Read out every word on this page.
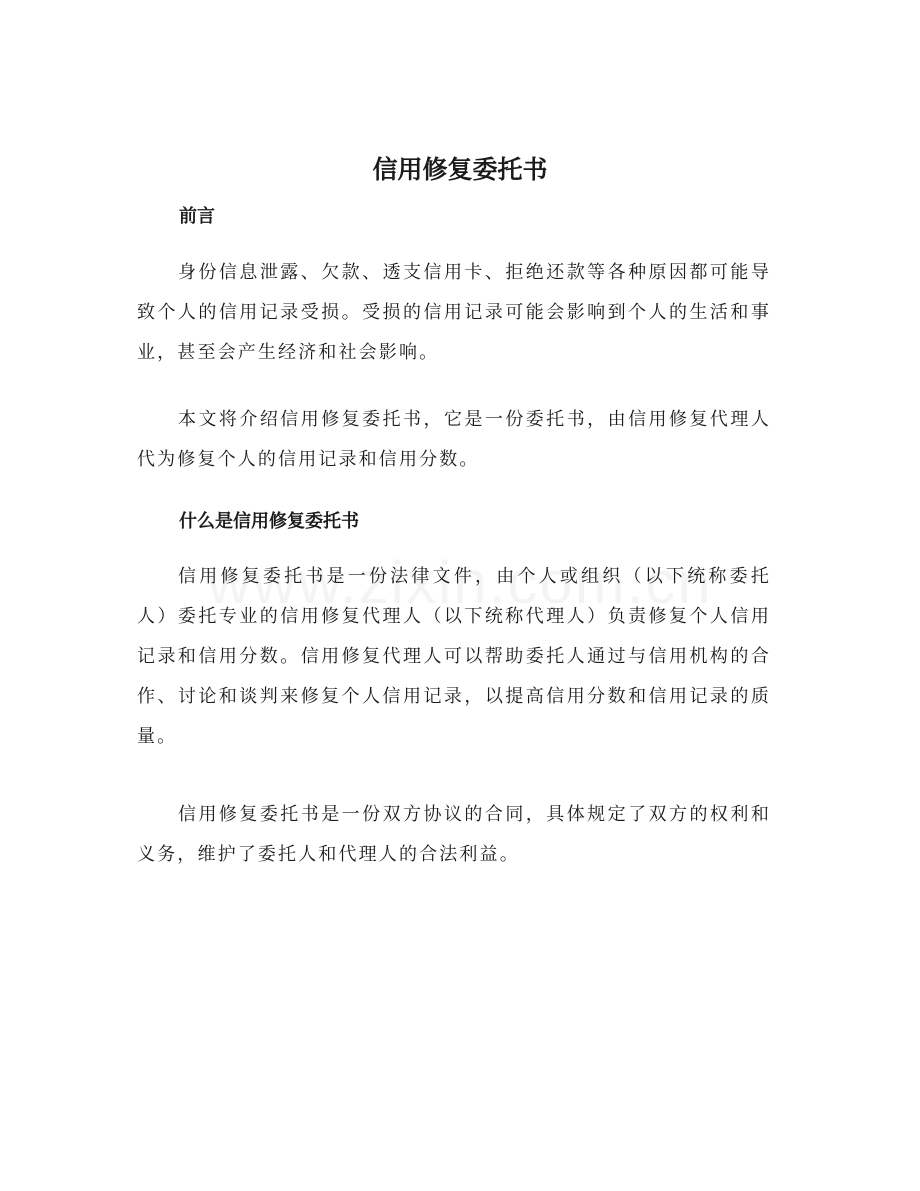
信用修复委托书
前言

身份信息泄露、欠款、透支信用卡、拒绝还款等各种原因都可能导致个人的信用记录受损。受损的信用记录可能会影响到个人的生活和事业，甚至会产生经济和社会影响。

本文将介绍信用修复委托书，它是一份委托书，由信用修复代理人代为修复个人的信用记录和信用分数。

什么是信用修复委托书

信用修复委托书是一份法律文件，由个人或组织（以下统称委托人）委托专业的信用修复代理人（以下统称代理人）负责修复个人信用记录和信用分数。信用修复代理人可以帮助委托人通过与信用机构的合作、讨论和谈判来修复个人信用记录，以提高信用分数和信用记录的质量。

信用修复委托书是一份双方协议的合同，具体规定了双方的权利和义务，维护了委托人和代理人的合法利益。
